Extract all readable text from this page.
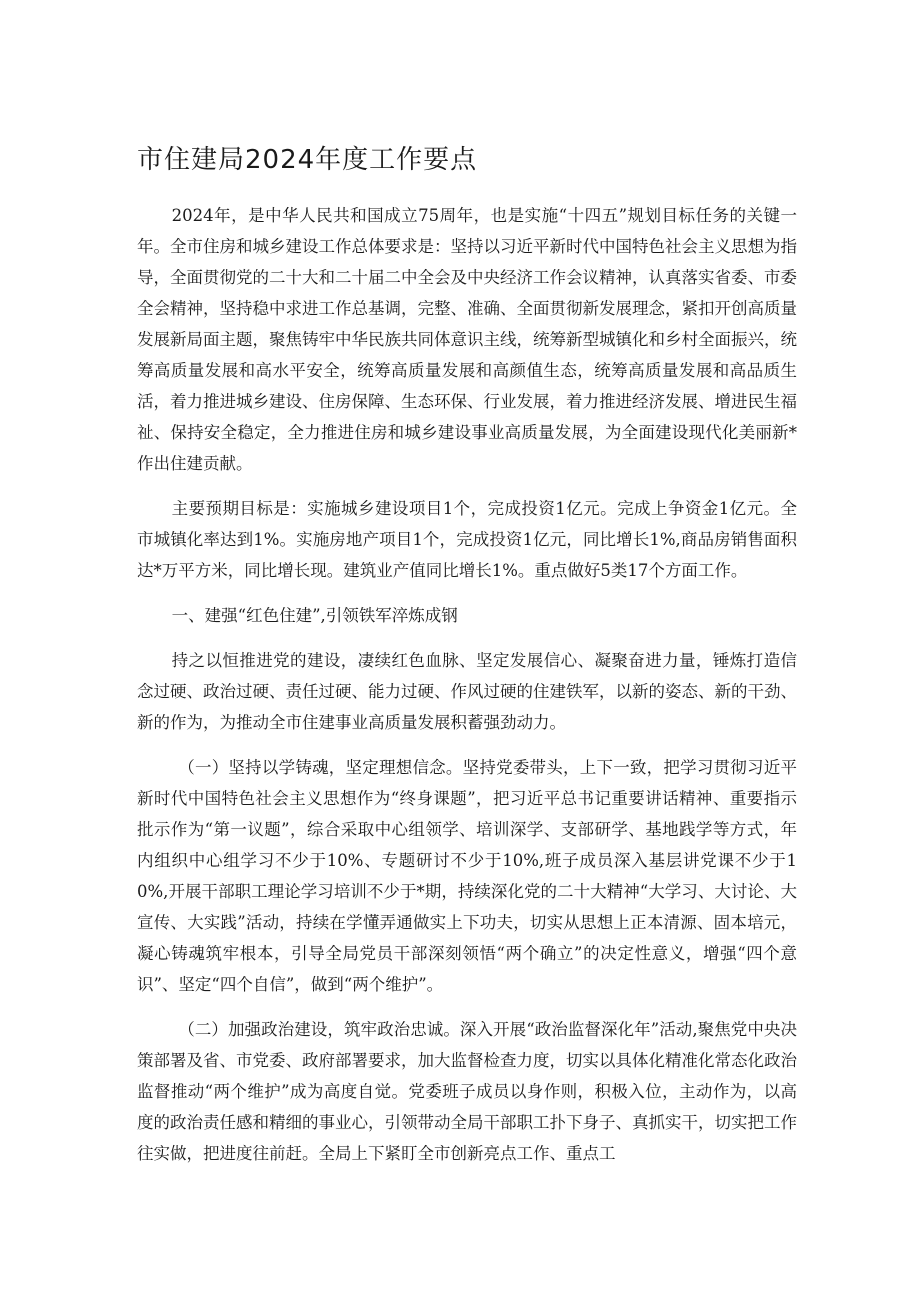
市住建局2024年度工作要点

2024年，是中华人民共和国成立75周年，也是实施“十四五”规划目标任务的关键一年。全市住房和城乡建设工作总体要求是：坚持以习近平新时代中国特色社会主义思想为指导，全面贯彻党的二十大和二十届二中全会及中央经济工作会议精神，认真落实省委、市委全会精神，坚持稳中求进工作总基调，完整、准确、全面贯彻新发展理念，紧扣开创高质量发展新局面主题，聚焦铸牢中华民族共同体意识主线，统筹新型城镇化和乡村全面振兴，统筹高质量发展和高水平安全，统筹高质量发展和高颜值生态，统筹高质量发展和高品质生活，着力推进城乡建设、住房保障、生态环保、行业发展，着力推进经济发展、增进民生福祉、保持安全稳定，全力推进住房和城乡建设事业高质量发展，为全面建设现代化美丽新*作出住建贡献。

主要预期目标是：实施城乡建设项目1个，完成投资1亿元。完成上争资金1亿元。全市城镇化率达到1%。实施房地产项目1个，完成投资1亿元，同比增长1%,商品房销售面积达*万平方米，同比增长现。建筑业产值同比增长1%。重点做好5类17个方面工作。

一、建强“红色住建”,引领铁军淬炼成钢

持之以恒推进党的建设，凄续红色血脉、坚定发展信心、凝聚奋进力量，锤炼打造信念过硬、政治过硬、责任过硬、能力过硬、作风过硬的住建铁军，以新的姿态、新的干劲、新的作为，为推动全市住建事业高质量发展积蓄强劲动力。

（一）坚持以学铸魂，坚定理想信念。坚持党委带头，上下一致，把学习贯彻习近平新时代中国特色社会主义思想作为“终身课题”，把习近平总书记重要讲话精神、重要指示批示作为“第一议题”，综合采取中心组领学、培训深学、支部研学、基地践学等方式，年内组织中心组学习不少于10%、专题研讨不少于10%,班子成员深入基层讲党课不少于10%,开展干部职工理论学习培训不少于*期，持续深化党的二十大精神“大学习、大讨论、大宣传、大实践”活动，持续在学懂弄通做实上下功夫，切实从思想上正本清源、固本培元，凝心铸魂筑牢根本，引导全局党员干部深刻领悟“两个确立”的决定性意义，增强“四个意识”、坚定“四个自信”，做到“两个维护”。

（二）加强政治建设，筑牢政治忠诚。深入开展“政治监督深化年”活动,聚焦党中央决策部署及省、市党委、政府部署要求，加大监督检查力度，切实以具体化精准化常态化政治监督推动“两个维护”成为高度自觉。党委班子成员以身作则，积极入位，主动作为，以高度的政治责任感和精细的事业心，引领带动全局干部职工扑下身子、真抓实干，切实把工作往实做，把进度往前赶。全局上下紧盯全市创新亮点工作、重点工
